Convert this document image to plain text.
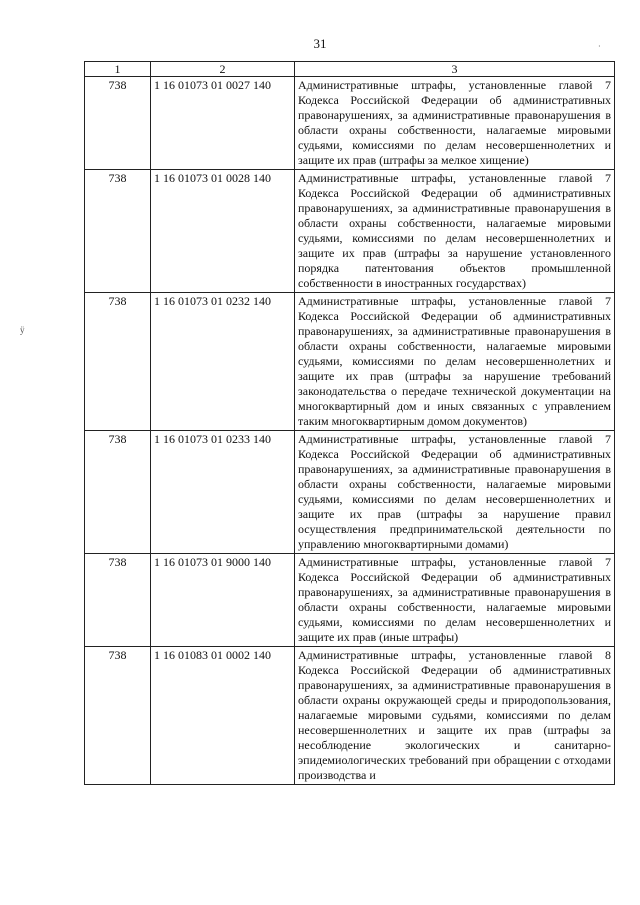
31	·
ÿ
1	2	3
738	1 16 01073 01 0027 140	Административные штрафы, установленные главой 7 Кодекса Российской Федерации об административных правонарушениях, за административные правонарушения в области охраны собственности, налагаемые мировыми судьями, комиссиями по делам несовершеннолетних и защите их прав (штрафы за мелкое хищение)
738	1 16 01073 01 0028 140	Административные штрафы, установленные главой 7 Кодекса Российской Федерации об административных правонарушениях, за административные правонарушения в области охраны собственности, налагаемые мировыми судьями, комиссиями по делам несовершеннолетних и защите их прав (штрафы за нарушение установленного порядка патентования объектов промышленной собственности в иностранных государствах)
738	1 16 01073 01 0232 140	Административные штрафы, установленные главой 7 Кодекса Российской Федерации об административных правонарушениях, за административные правонарушения в области охраны собственности, налагаемые мировыми судьями, комиссиями по делам несовершеннолетних и защите их прав (штрафы за нарушение требований законодательства о передаче технической документации на многоквартирный дом и иных связанных с управлением таким многоквартирным домом документов)
738	1 16 01073 01 0233 140	Административные штрафы, установленные главой 7 Кодекса Российской Федерации об административных правонарушениях, за административные правонарушения в области охраны собственности, налагаемые мировыми судьями, комиссиями по делам несовершеннолетних и защите их прав (штрафы за нарушение правил осуществления предпринимательской деятельности по управлению многоквартирными домами)
738	1 16 01073 01 9000 140	Административные штрафы, установленные главой 7 Кодекса Российской Федерации об административных правонарушениях, за административные правонарушения в области охраны собственности, налагаемые мировыми судьями, комиссиями по делам несовершеннолетних и защите их прав (иные штрафы)
738	1 16 01083 01 0002 140	Административные штрафы, установленные главой 8 Кодекса Российской Федерации об административных правонарушениях, за административные правонарушения в области охраны окружающей среды и природопользования, налагаемые мировыми судьями, комиссиями по делам несовершеннолетних и защите их прав (штрафы за несоблюдение экологических и санитарно-эпидемиологических требований при обращении с отходами производства и
